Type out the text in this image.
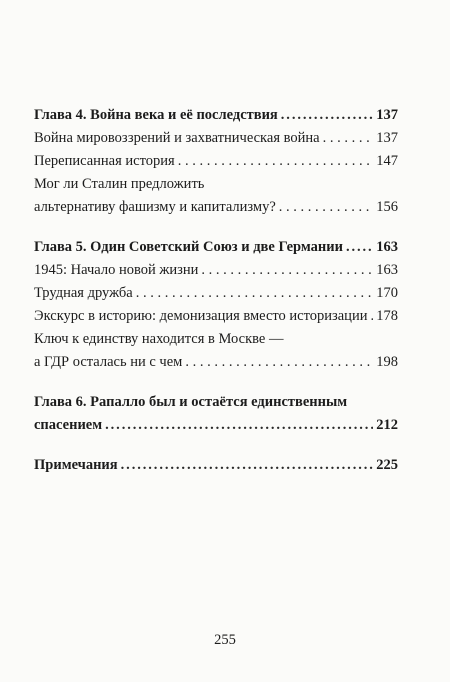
Глава 4. Война века и её последствия .....	137
Война мировоззрений и захватническая война . . .	137
Переписанная история . . .	147
Мог ли Сталин предложить
альтернативу фашизму и капитализму? . . .	156
Глава 5. Один Советский Союз и две Германии ..... 163
1945: Начало новой жизни . . .	163
Трудная дружба . . .	170
Экскурс в историю: демонизация вместо историзации . . . 178
Ключ к единству находится в Москве —
а ГДР осталась ни с чем . . .	198
Глава 6. Рапалло был и остаётся единственным
спасением .....	212
Примечания .....	225
255
